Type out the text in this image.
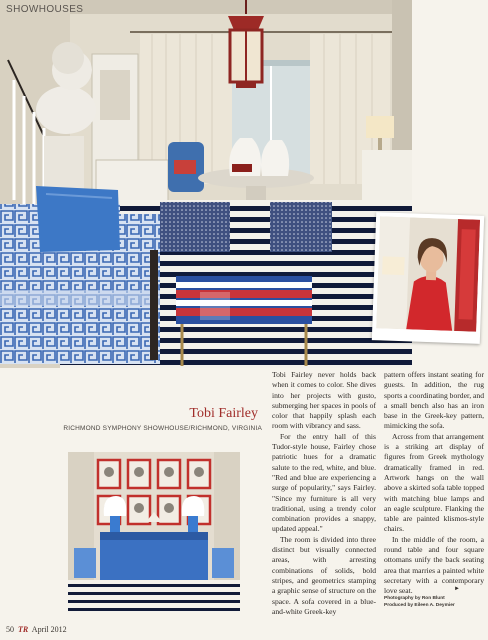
SHOWHOUSES
Tobi Fairley
RICHMOND SYMPHONY SHOWHOUSE/RICHMOND, VIRGINIA

Tobi Fairley never holds back when it comes to color. She dives into her projects with gusto, submerging her spaces in pools of color that happily splash each room with vibrancy and sass.

For the entry hall of this Tudor-style house, Fairley chose patriotic hues for a dramatic salute to the red, white, and blue. "Red and blue are experiencing a surge of popularity," says Fairley. "Since my furniture is all very traditional, using a trendy color combination provides a snappy, updated appeal."

The room is divided into three distinct but visually connected areas, with arresting combinations of solids, bold stripes, and geometrics stamping a graphic sense of structure on the space. A sofa covered in a blue-and-white Greek-key

pattern offers instant seating for guests. In addition, the rug sports a coordinating border, and a small bench also has an iron base in the Greek-key pattern, mimicking the sofa.

Across from that arrangement is a striking art display of figures from Greek mythology dramatically framed in red. Artwork hangs on the wall above a skirted sofa table topped with matching blue lamps and an eagle sculpture. Flanking the table are painted klismos-style chairs.

In the middle of the room, a round table and four square ottomans unify the back seating area that marries a painted white secretary with a contemporary love seat.	►
Photography by Ron Blunt
Produced by Eileen A. Deymier
50 TR April 2012
